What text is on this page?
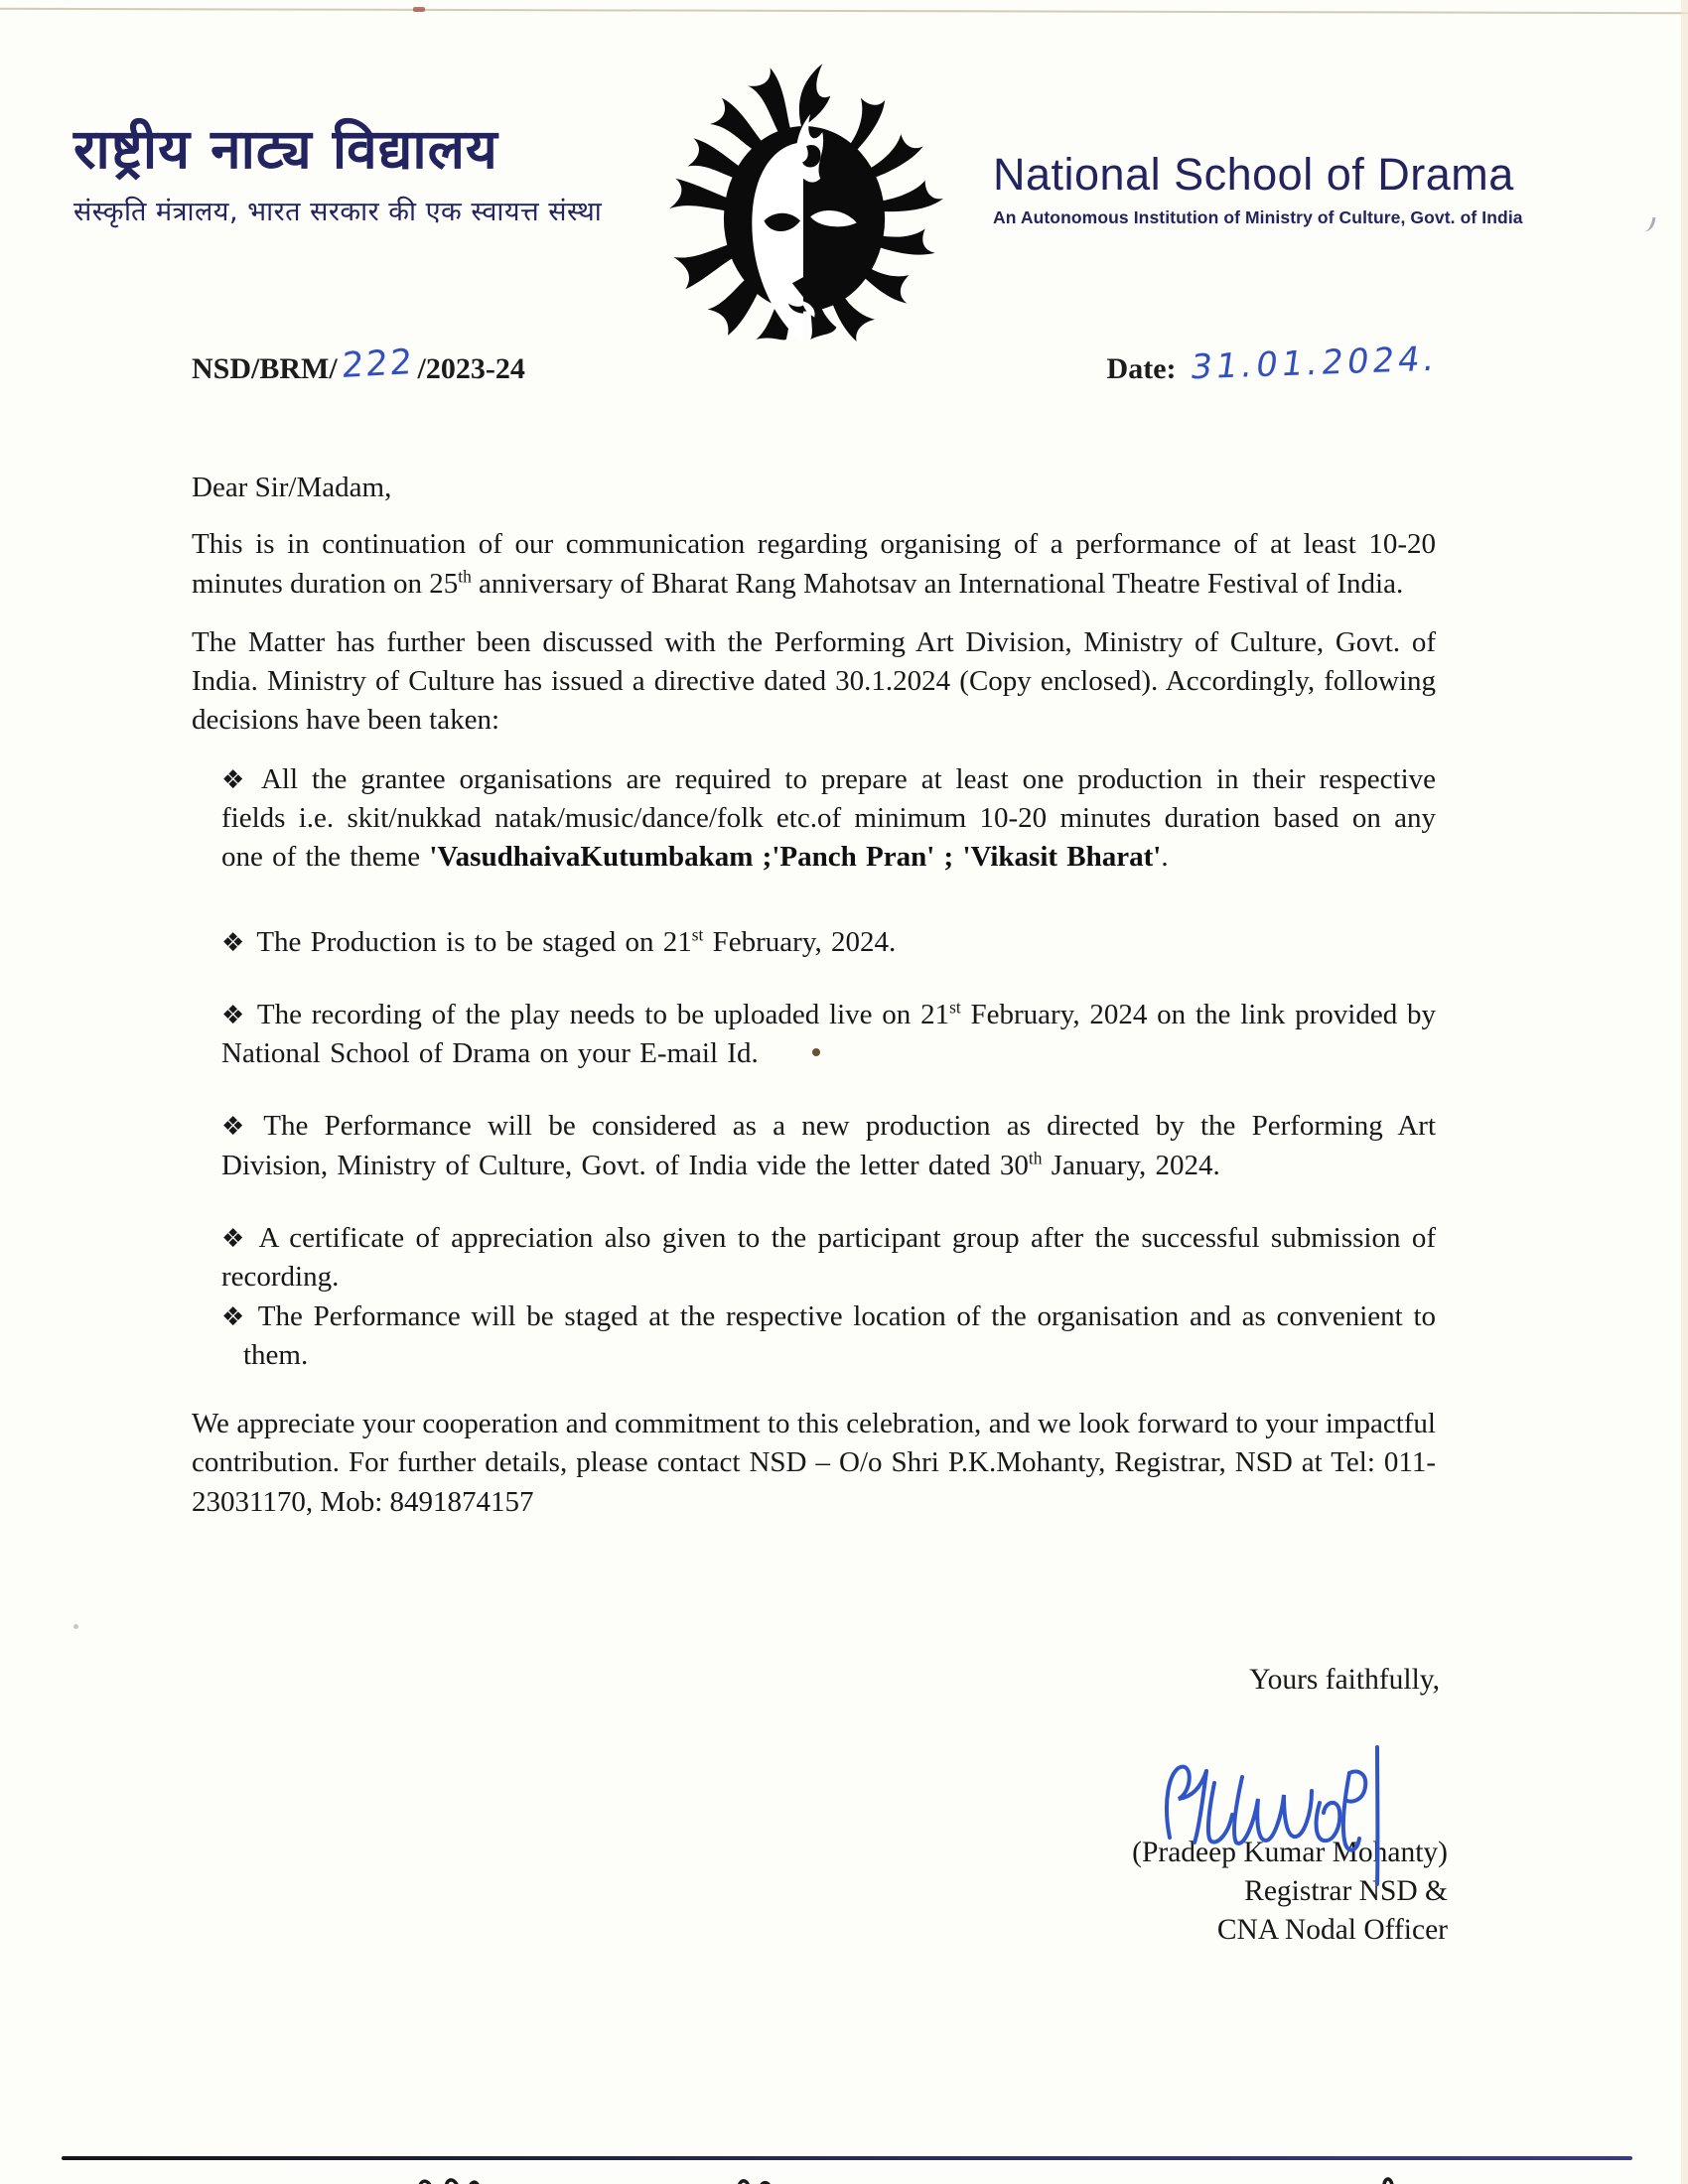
राष्ट्रीय नाट्य विद्यालय
संस्कृति मंत्रालय, भारत सरकार की एक स्वायत्त संस्था
National School of Drama
An Autonomous Institution of Ministry of Culture, Govt. of India
NSD/BRM/222/2023-24	Date: 31.01.2024.

Dear Sir/Madam,

This is in continuation of our communication regarding organising of a performance of at least 10-20 minutes duration on 25th anniversary of Bharat Rang Mahotsav an International Theatre Festival of India.

The Matter has further been discussed with the Performing Art Division, Ministry of Culture, Govt. of India. Ministry of Culture has issued a directive dated 30.1.2024 (Copy enclosed). Accordingly, following decisions have been taken:

❖ All the grantee organisations are required to prepare at least one production in their respective fields i.e. skit/nukkad natak/music/dance/folk etc.of minimum 10-20 minutes duration based on any one of the theme 'VasudhaivaKutumbakam ;'Panch Pran' ; 'Vikasit Bharat'.
❖ The Production is to be staged on 21st February, 2024.
❖ The recording of the play needs to be uploaded live on 21st February, 2024 on the link provided by National School of Drama on your E-mail Id.
❖ The Performance will be considered as a new production as directed by the Performing Art Division, Ministry of Culture, Govt. of India vide the letter dated 30th January, 2024.
❖ A certificate of appreciation also given to the participant group after the successful submission of recording.
❖ The Performance will be staged at the respective location of the organisation and as convenient to them.

We appreciate your cooperation and commitment to this celebration, and we look forward to your impactful contribution. For further details, please contact NSD – O/o Shri P.K.Mohanty, Registrar, NSD at Tel: 011-23031170, Mob: 8491874157

Yours faithfully,
(Pradeep Kumar Mohanty)
Registrar NSD &
CNA Nodal Officer
